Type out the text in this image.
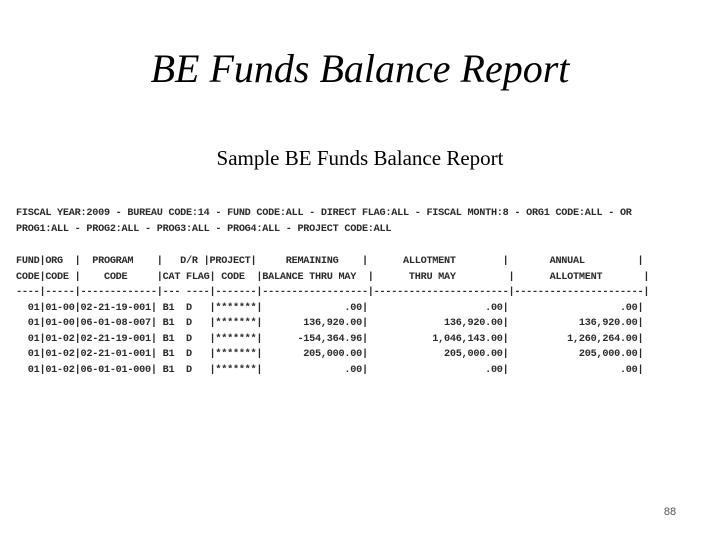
BE Funds Balance Report
Sample BE Funds Balance Report
FISCAL YEAR:2009 - BUREAU CODE:14 - FUND CODE:ALL - DIRECT FLAG:ALL - FISCAL MONTH:8 - ORG1 CODE:ALL - OR
PROG1:ALL - PROG2:ALL - PROG3:ALL - PROG4:ALL - PROJECT CODE:ALL
FUND|ORG  |  PROGRAM    |   D/R |PROJECT|     REMAINING    |      ALLOTMENT        |       ANNUAL         |
CODE|CODE |    CODE     |CAT FLAG| CODE  |BALANCE THRU MAY  |      THRU MAY         |      ALLOTMENT       |
----|-----|-------------|--- ----|-------|------------------|-----------------------|----------------------|
01|01-00|02-21-19-001| B1  D   |*******|              .00|                    .00|                   .00|
01|01-00|06-01-08-007| B1  D   |*******|       136,920.00|             136,920.00|            136,920.00|
01|01-02|02-21-19-001| B1  D   |*******|      -154,364.96|           1,046,143.00|          1,260,264.00|
01|01-02|02-21-01-001| B1  D   |*******|       205,000.00|             205,000.00|            205,000.00|
01|01-02|06-01-01-000| B1  D   |*******|              .00|                    .00|                   .00|
88
